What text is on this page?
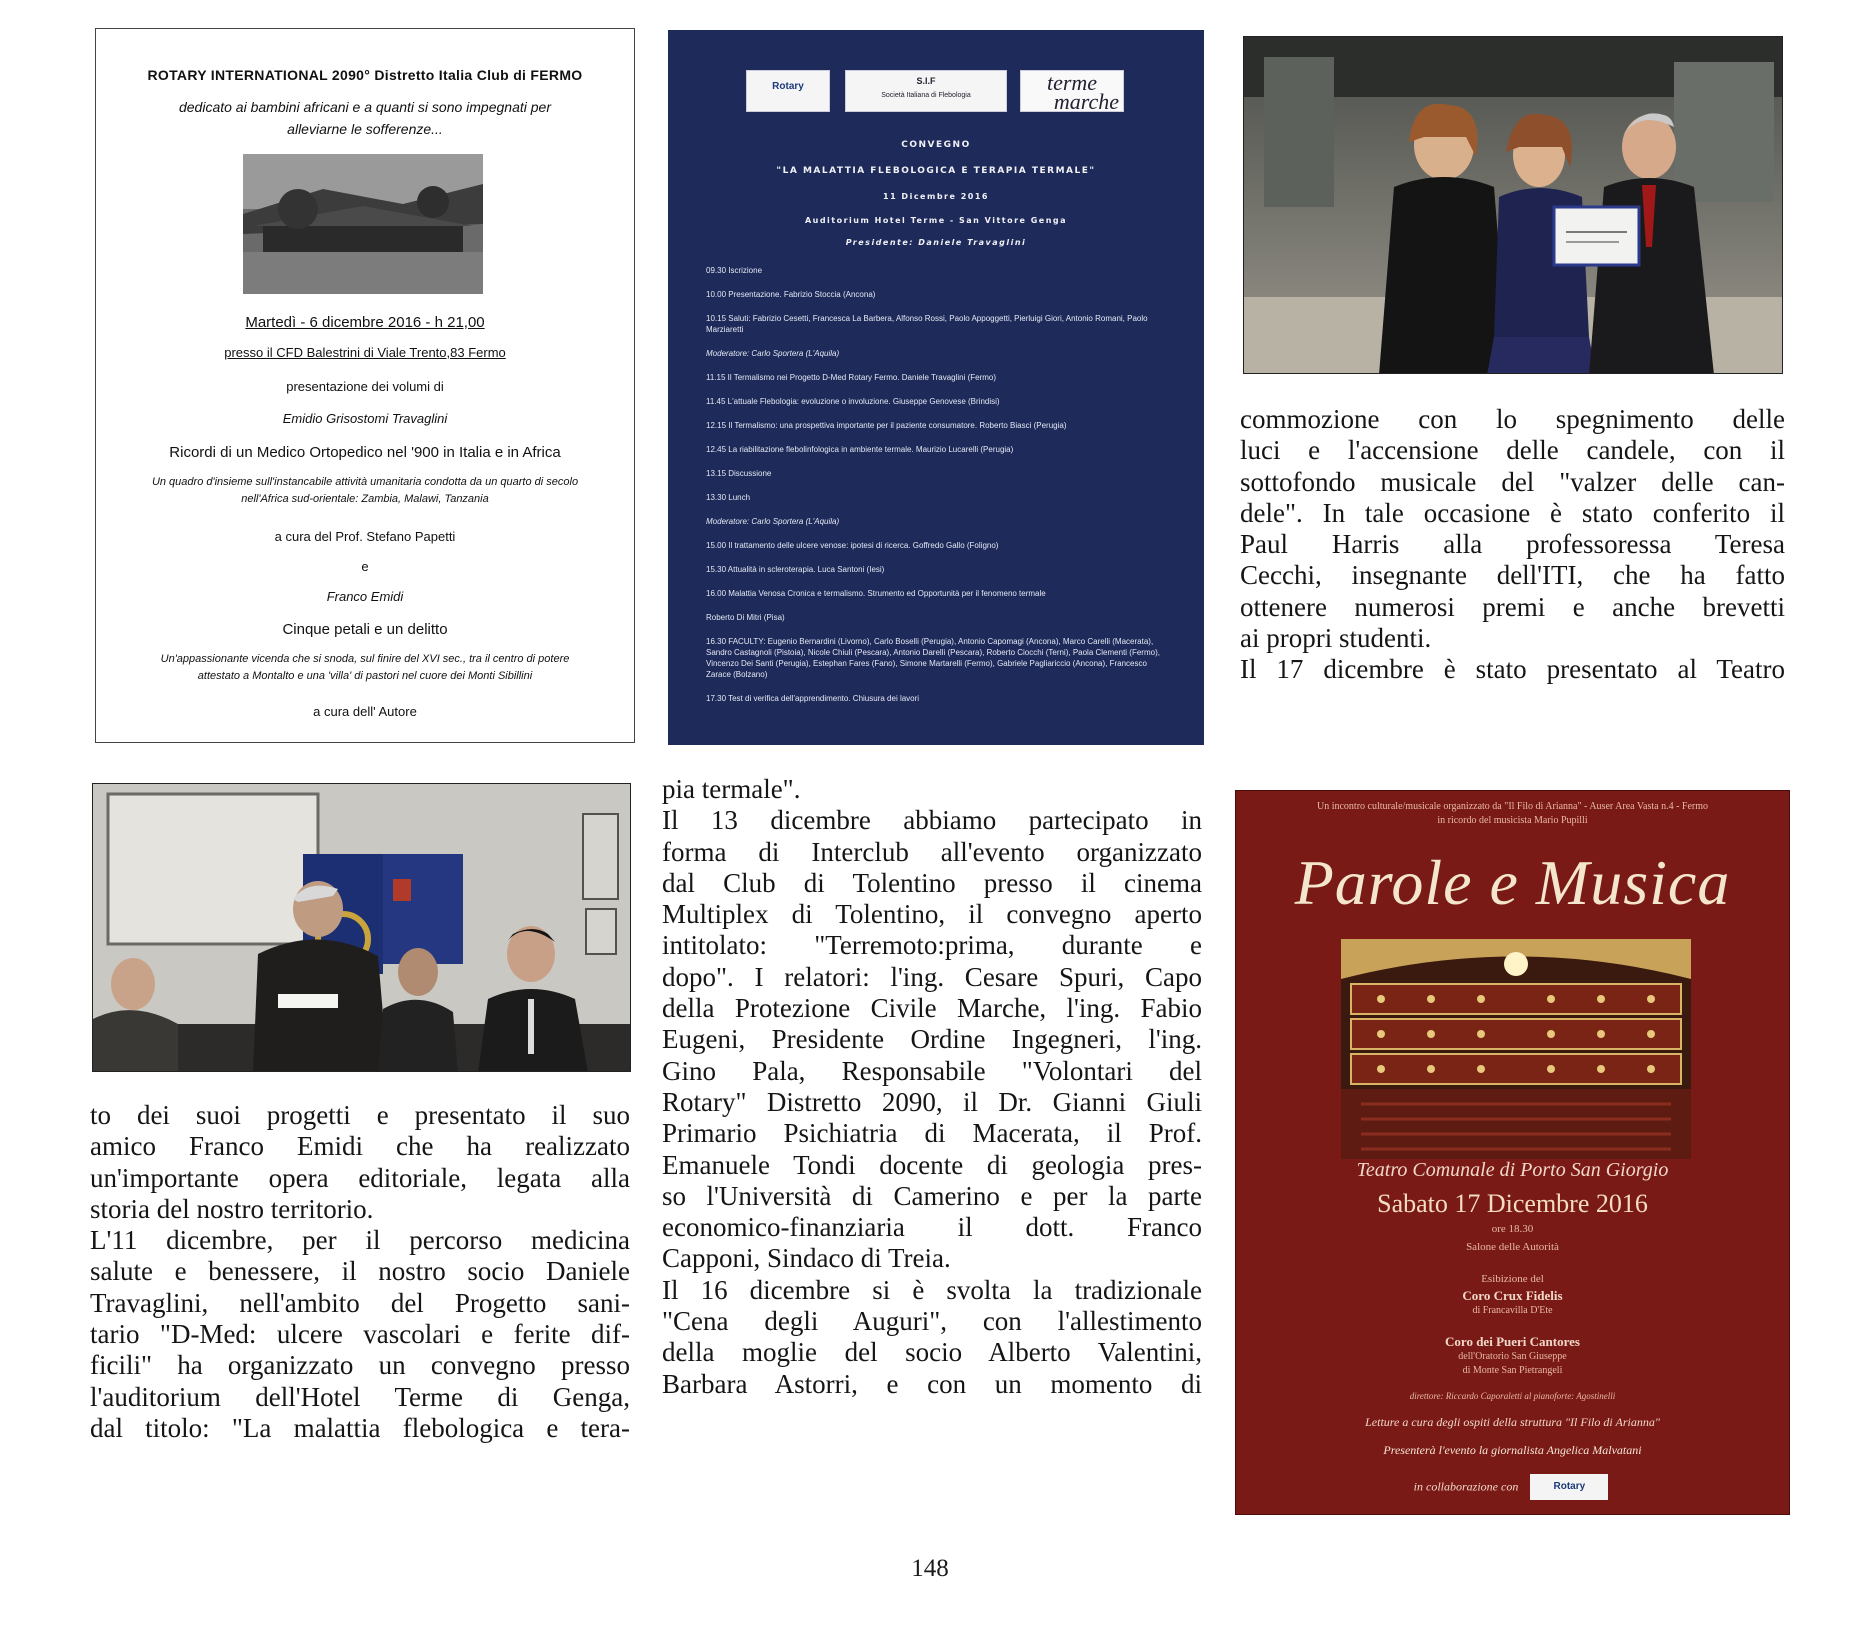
ROTARY INTERNATIONAL 2090° Distretto Italia Club di FERMO
dedicato ai bambini africani e a quanti si sono impegnati per
alleviarne le sofferenze...
Martedì - 6 dicembre 2016 - h 21,00
presso il CFD Balestrini di Viale Trento,83 Fermo
presentazione dei volumi di
Emidio Grisostomi Travaglini
Ricordi di un Medico Ortopedico nel '900 in Italia e in Africa
Un quadro d'insieme sull'instancabile attività umanitaria condotta da un quarto di secolo nell'Africa sud-orientale: Zambia, Malawi, Tanzania
a cura del Prof. Stefano Papetti
e
Franco Emidi
Cinque petali e un delitto
Un'appassionante vicenda che si snoda, sul finire del XVI sec., tra il centro di potere attestato a Montalto e una 'villa' di pastori nel cuore dei Monti Sibillini
a cura dell' Autore
Rotary	S.I.F
Società Italiana di Flebologia
terme
marche
CONVEGNO
"LA MALATTIA FLEBOLOGICA E TERAPIA TERMALE"
11 Dicembre 2016
Auditorium Hotel Terme - San Vittore Genga
Presidente: Daniele Travaglini
09.30 Iscrizione
10.00 Presentazione. Fabrizio Stoccia (Ancona)
10.15 Saluti: Fabrizio Cesetti, Francesca La Barbera, Alfonso Rossi, Paolo Appoggetti, Pierluigi Giori, Antonio Romani, Paolo Marziaretti
Moderatore: Carlo Sportera (L'Aquila)
11.15 Il Termalismo nei Progetto D-Med Rotary Fermo. Daniele Travaglini (Fermo)
11.45 L'attuale Flebologia: evoluzione o involuzione. Giuseppe Genovese (Brindisi)
12.15 Il Termalismo: una prospettiva importante per il paziente consumatore. Roberto Biasci (Perugia)
12.45 La riabilitazione flebolinfologica in ambiente termale. Maurizio Lucarelli (Perugia)
13.15 Discussione
13.30 Lunch
Moderatore: Carlo Sportera (L'Aquila)
15.00 Il trattamento delle ulcere venose: ipotesi di ricerca. Goffredo Gallo (Foligno)
15.30 Attualità in scleroterapia. Luca Santoni (Iesi)
16.00 Malattia Venosa Cronica e termalismo. Strumento ed Opportunità per il fenomeno termale
Roberto Di Mitri (Pisa)
16.30 FACULTY: Eugenio Bernardini (Livorno), Carlo Boselli (Perugia), Antonio Capomagi (Ancona), Marco Carelli (Macerata), Sandro Castagnoli (Pistoia), Nicole Chiuli (Pescara), Antonio Darelli (Pescara), Roberto Ciocchi (Terni), Paola Clementi (Fermo), Vincenzo Dei Santi (Perugia), Estephan Fares (Fano), Simone Martarelli (Fermo), Gabriele Pagliariccio (Ancona), Francesco Zarace (Bolzano)
17.30 Test di verifica dell'apprendimento. Chiusura dei lavori
Un incontro culturale/musicale organizzato da "Il Filo di Arianna" - Auser Area Vasta n.4 - Fermo
in ricordo del musicista Mario Pupilli
Parole e Musica
Teatro Comunale di Porto San Giorgio
Sabato 17 Dicembre 2016
ore 18.30
Salone delle Autorità
Esibizione del
Coro Crux Fidelis
di Francavilla D'Ete
Coro dei Pueri Cantores
dell'Oratorio San Giuseppe
di Monte San Pietrangeli
direttore: Riccardo Caporaletti al pianoforte: Agostinelli
Letture a cura degli ospiti della struttura "Il Filo di Arianna"
Presenterà l'evento la giornalista Angelica Malvatani
in collaborazione con	Rotary

to dei suoi progetti e presentato il suo

amico Franco Emidi che ha realizzato

un'importante opera editoriale, legata alla

storia del nostro territorio.

L'11 dicembre, per il percorso medicina

salute e benessere, il nostro socio Daniele

Travaglini, nell'ambito del Progetto sani-

tario "D-Med: ulcere vascolari e ferite dif-

ficili" ha organizzato un convegno presso

l'auditorium dell'Hotel Terme di Genga,

dal titolo: "La malattia flebologica e tera-

pia termale".

Il 13 dicembre abbiamo partecipato in

forma di Interclub all'evento organizzato

dal Club di Tolentino presso il cinema

Multiplex di Tolentino, il convegno aperto

intitolato: "Terremoto:prima, durante e

dopo". I relatori: l'ing. Cesare Spuri, Capo

della Protezione Civile Marche, l'ing. Fabio

Eugeni, Presidente Ordine Ingegneri, l'ing.

Gino Pala, Responsabile "Volontari del

Rotary" Distretto 2090, il Dr. Gianni Giuli

Primario Psichiatria di Macerata, il Prof.

Emanuele Tondi docente di geologia pres-

so l'Università di Camerino e per la parte

economico-finanziaria il dott. Franco

Capponi, Sindaco di Treia.

Il 16 dicembre si è svolta la tradizionale

"Cena degli Auguri", con l'allestimento

della moglie del socio Alberto Valentini,

Barbara Astorri, e con un momento di

commozione con lo spegnimento delle

luci e l'accensione delle candele, con il

sottofondo musicale del "valzer delle can-

dele". In tale occasione è stato conferito il

Paul Harris alla professoressa Teresa

Cecchi, insegnante dell'ITI, che ha fatto

ottenere numerosi premi e anche brevetti

ai propri studenti.

Il 17 dicembre è stato presentato al Teatro

148
